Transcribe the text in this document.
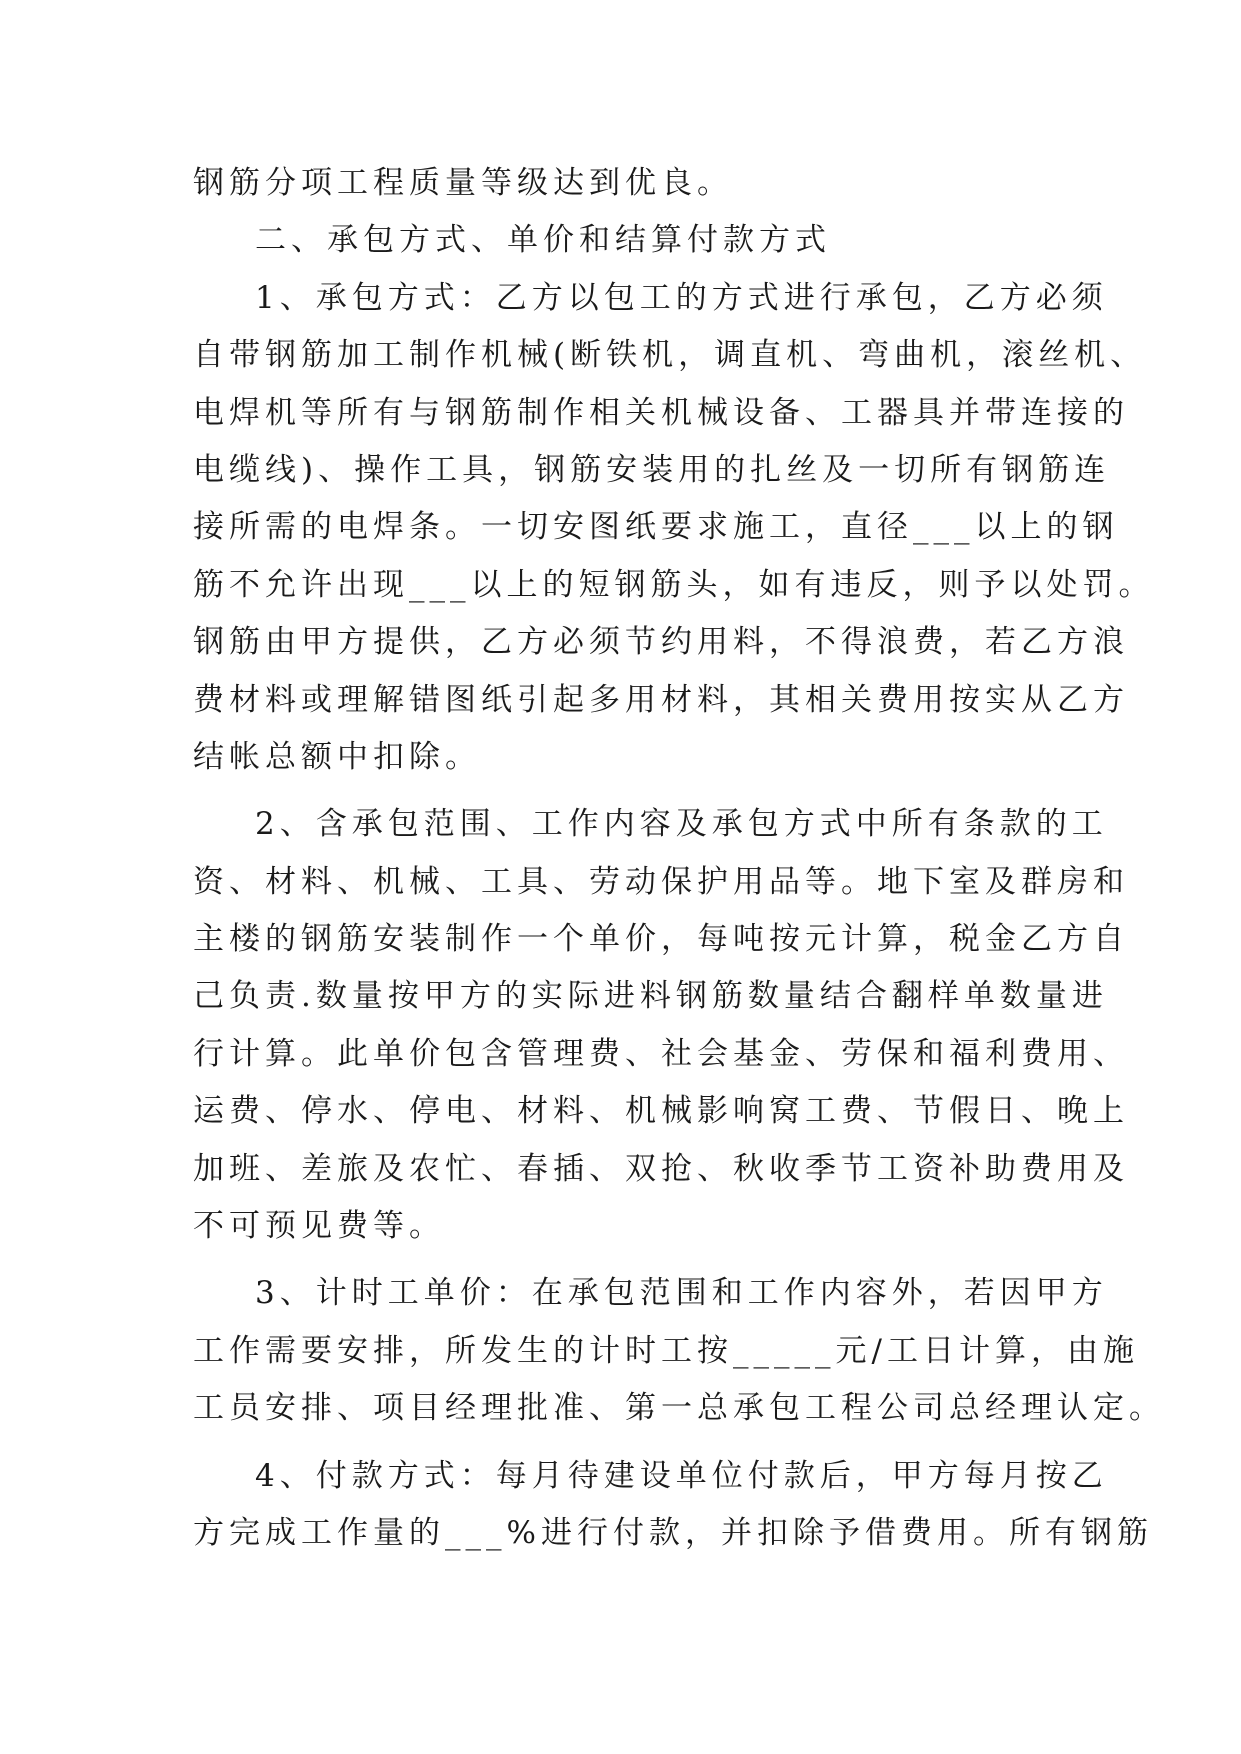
钢筋分项工程质量等级达到优良。
二、承包方式、单价和结算付款方式
1、承包方式：乙方以包工的方式进行承包，乙方必须
自带钢筋加工制作机械(断铁机，调直机、弯曲机，滚丝机、
电焊机等所有与钢筋制作相关机械设备、工器具并带连接的
电缆线)、操作工具，钢筋安装用的扎丝及一切所有钢筋连
接所需的电焊条。一切安图纸要求施工，直径___以上的钢
筋不允许出现___以上的短钢筋头，如有违反，则予以处罚。
钢筋由甲方提供，乙方必须节约用料，不得浪费，若乙方浪
费材料或理解错图纸引起多用材料，其相关费用按实从乙方
结帐总额中扣除。
2、含承包范围、工作内容及承包方式中所有条款的工
资、材料、机械、工具、劳动保护用品等。地下室及群房和
主楼的钢筋安装制作一个单价，每吨按元计算，税金乙方自
己负责.数量按甲方的实际进料钢筋数量结合翻样单数量进
行计算。此单价包含管理费、社会基金、劳保和福利费用、
运费、停水、停电、材料、机械影响窝工费、节假日、晚上
加班、差旅及农忙、春插、双抢、秋收季节工资补助费用及
不可预见费等。
3、计时工单价：在承包范围和工作内容外，若因甲方
工作需要安排，所发生的计时工按_____元/工日计算，由施
工员安排、项目经理批准、第一总承包工程公司总经理认定。
4、付款方式：每月待建设单位付款后，甲方每月按乙
方完成工作量的___%进行付款，并扣除予借费用。所有钢筋
